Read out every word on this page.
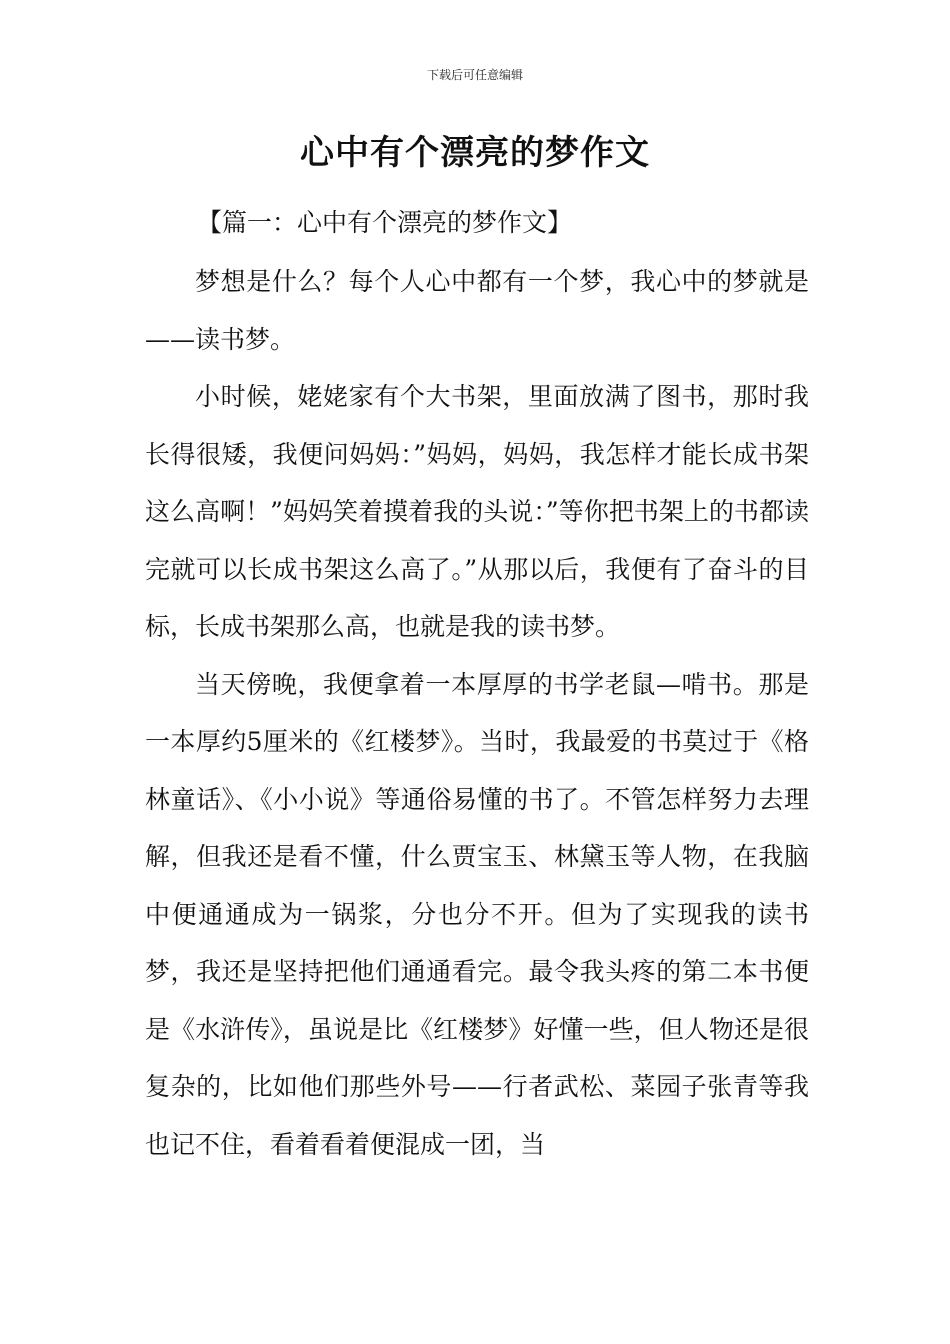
下载后可任意编辑
心中有个漂亮的梦作文
【篇一：心中有个漂亮的梦作文】

梦想是什么？每个人心中都有一个梦，我心中的梦就是——读书梦。

小时候，姥姥家有个大书架，里面放满了图书，那时我长得很矮，我便问妈妈：”妈妈，妈妈，我怎样才能长成书架这么高啊！”妈妈笑着摸着我的头说：”等你把书架上的书都读完就可以长成书架这么高了。”从那以后，我便有了奋斗的目标，长成书架那么高，也就是我的读书梦。

当天傍晚，我便拿着一本厚厚的书学老鼠—啃书。那是一本厚约5厘米的《红楼梦》。当时，我最爱的书莫过于《格林童话》、《小小说》等通俗易懂的书了。不管怎样努力去理解，但我还是看不懂，什么贾宝玉、林黛玉等人物，在我脑中便通通成为一锅浆，分也分不开。但为了实现我的读书梦，我还是坚持把他们通通看完。最令我头疼的第二本书便是《水浒传》，虽说是比《红楼梦》好懂一些，但人物还是很复杂的，比如他们那些外号——行者武松、菜园子张青等我也记不住，看着看着便混成一团，当
